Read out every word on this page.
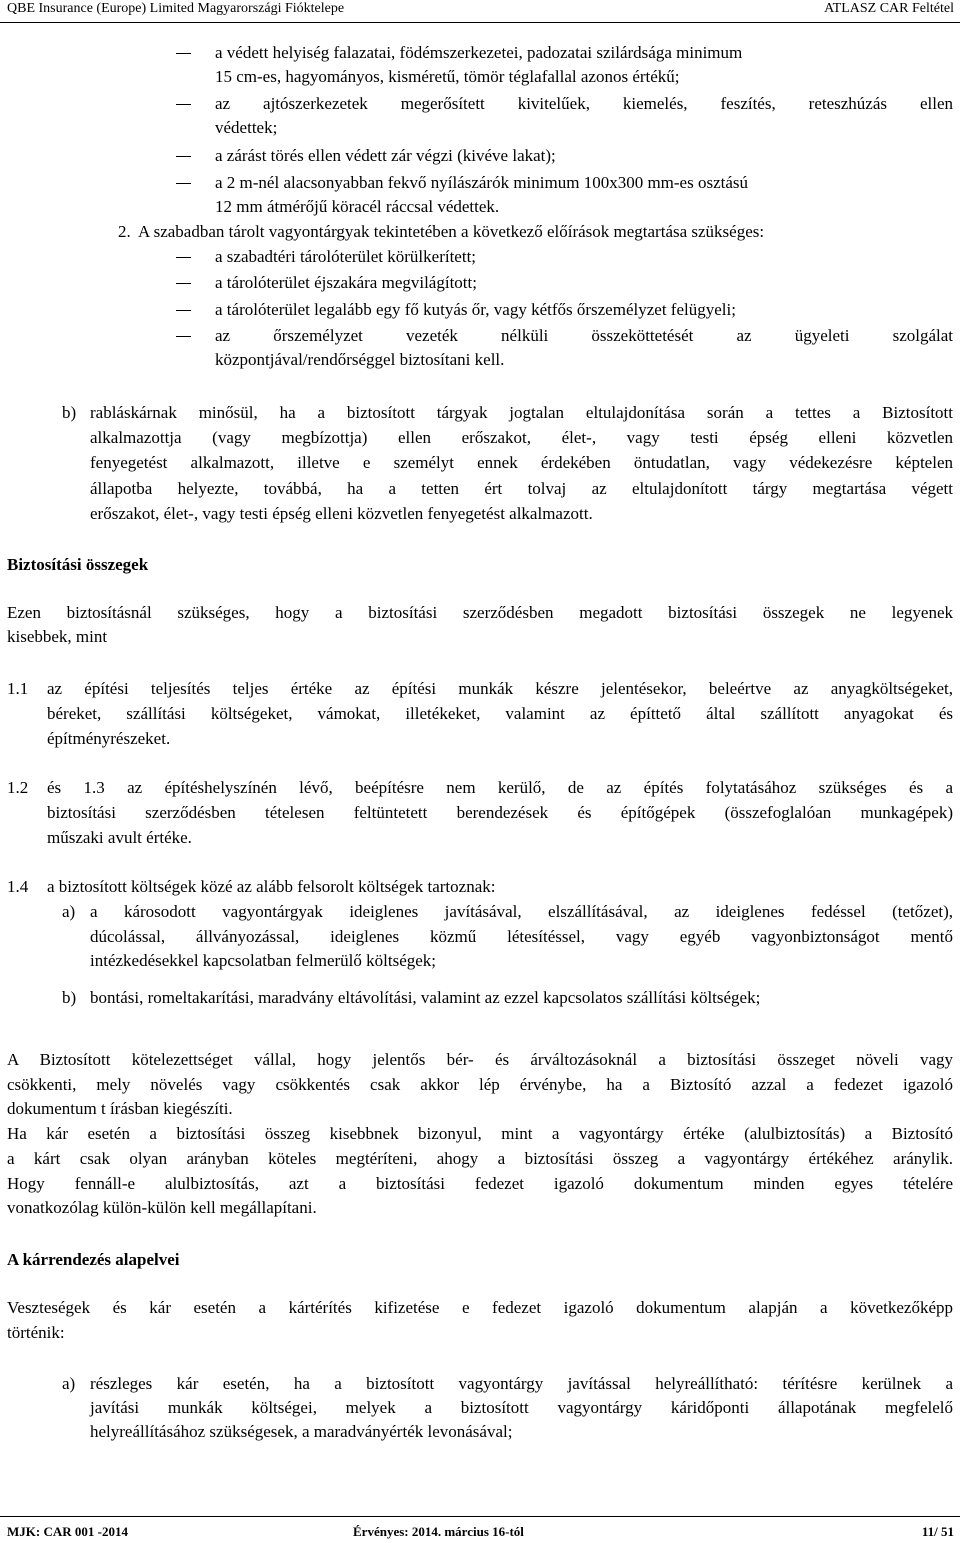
QBE Insurance (Europe) Limited Magyarországi Fióktelepe	ATLASZ CAR Feltétel
a védett helyiség falazatai, födémszerkezetei, padozatai szilárdsága minimum
15 cm-es, hagyományos, kisméretű, tömör téglafallal azonos értékű;
az ajtószerkezetek megerősített kivitelűek, kiemelés, feszítés, reteszhúzás ellen
védettek;
a zárást törés ellen védett zár végzi (kivéve lakat);
a 2 m-nél alacsonyabban fekvő nyílászárók minimum 100x300 mm-es osztású
12 mm átmérőjű köracél ráccsal védettek.
2. A szabadban tárolt vagyontárgyak tekintetében a következő előírások megtartása szükséges:
a szabadtéri tárolóterület körülkerített;
a tárolóterület éjszakára megvilágított;
a tárolóterület legalább egy fő kutyás őr, vagy kétfős őrszemélyzet felügyeli;
az őrszemélyzet vezeték nélküli összeköttetését az ügyeleti szolgálat
központjával/rendőrséggel biztosítani kell.
b) rabláskárnak minősül, ha a biztosított tárgyak jogtalan eltulajdonítása során a tettes a Biztosított
alkalmazottja (vagy megbízottja) ellen erőszakot, élet-, vagy testi épség elleni közvetlen
fenyegetést alkalmazott, illetve e személyt ennek érdekében öntudatlan, vagy védekezésre képtelen
állapotba helyezte, továbbá, ha a tetten ért tolvaj az eltulajdonított tárgy megtartása végett
erőszakot, élet-, vagy testi épség elleni közvetlen fenyegetést alkalmazott.
Biztosítási összegek
Ezen biztosításnál szükséges, hogy a biztosítási szerződésben megadott biztosítási összegek ne legyenek
kisebbek, mint
1.1 az építési teljesítés teljes értéke az építési munkák készre jelentésekor, beleértve az anyagköltségeket,
béreket, szállítási költségeket, vámokat, illetékeket, valamint az építtető által szállított anyagokat és
építményrészeket.
1.2 és 1.3 az építéshelyszínén lévő, beépítésre nem kerülő, de az építés folytatásához szükséges és a
biztosítási szerződésben tételesen feltüntetett berendezések és építőgépek (összefoglalóan munkagépek)
műszaki avult értéke.
1.4 a biztosított költségek közé az alább felsorolt költségek tartoznak:
a) a károsodott vagyontárgyak ideiglenes javításával, elszállításával, az ideiglenes fedéssel (tetőzet),
dúcolással, állványozással, ideiglenes közmű létesítéssel, vagy egyéb vagyonbiztonságot mentő
intézkedésekkel kapcsolatban felmerülő költségek;
b) bontási, romeltakarítási, maradvány eltávolítási, valamint az ezzel kapcsolatos szállítási költségek;
A Biztosított kötelezettséget vállal, hogy jelentős bér- és árváltozásoknál a biztosítási összeget növeli vagy
csökkenti, mely növelés vagy csökkentés csak akkor lép érvénybe, ha a Biztosító azzal a fedezet igazoló
dokumentum t írásban kiegészíti.
Ha kár esetén a biztosítási összeg kisebbnek bizonyul, mint a vagyontárgy értéke (alulbiztosítás) a Biztosító
a kárt csak olyan arányban köteles megtéríteni, ahogy a biztosítási összeg a vagyontárgy értékéhez aránylik.
Hogy fennáll-e alulbiztosítás, azt a biztosítási fedezet igazoló dokumentum minden egyes tételére
vonatkozólag külön-külön kell megállapítani.
A kárrendezés alapelvei
Veszteségek és kár esetén a kártérítés kifizetése e fedezet igazoló dokumentum alapján a következőképp
történik:
a) részleges kár esetén, ha a biztosított vagyontárgy javítással helyreállítható: térítésre kerülnek a
javítási munkák költségei, melyek a biztosított vagyontárgy káridőponti állapotának megfelelő
helyreállításához szükségesek, a maradványérték levonásával;
MJK: CAR 001 -2014	Érvényes: 2014. március 16-tól	11/ 51
